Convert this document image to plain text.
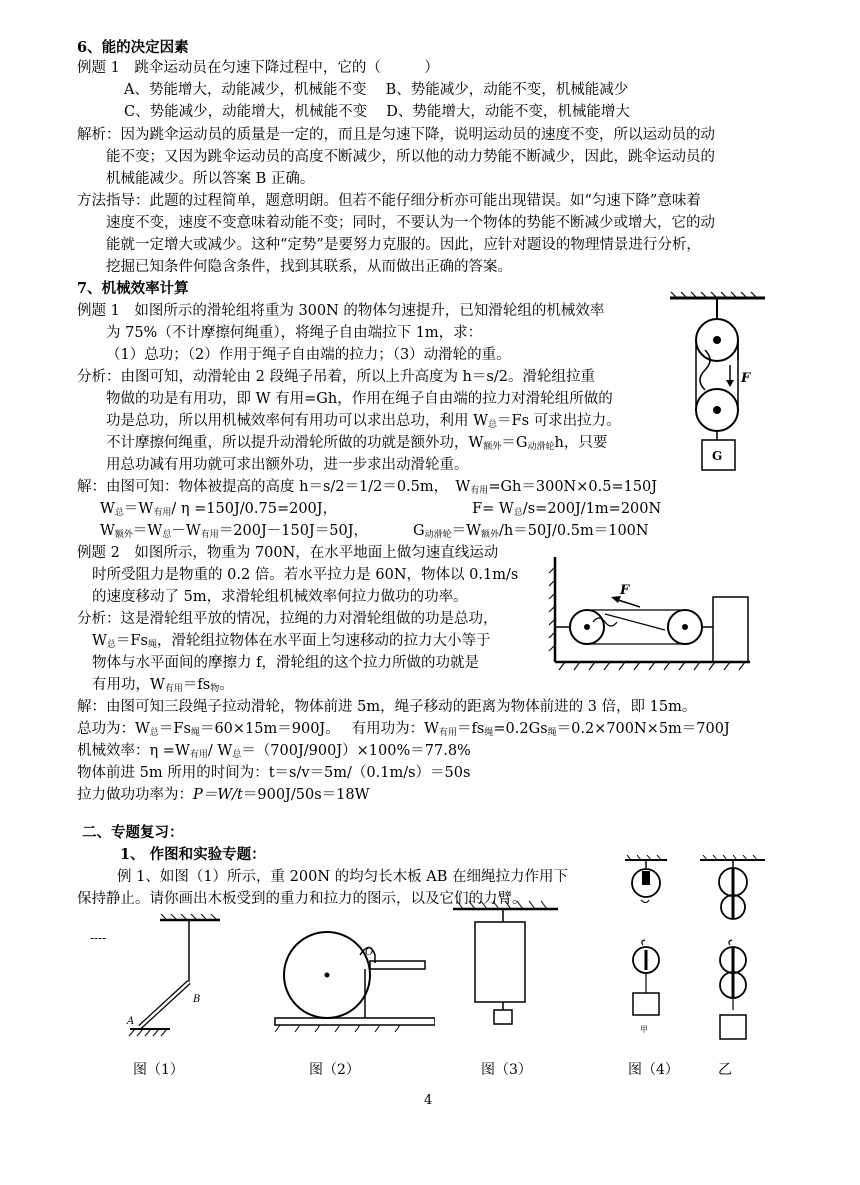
6、能的决定因素
例题 1　跳伞运动员在匀速下降过程中，它的（　　　）
A、势能增大，动能减少，机械能不变　 B、势能减少，动能不变，机械能减少
C、势能减少，动能增大，机械能不变　 D、势能增大，动能不变，机械能增大
解析：因为跳伞运动员的质量是一定的，而且是匀速下降，说明运动员的速度不变，所以运动员的动
能不变；又因为跳伞运动员的高度不断减少，所以他的动力势能不断减少，因此，跳伞运动员的
机械能减少。所以答案 B 正确。
方法指导：此题的过程简单，题意明朗。但若不能仔细分析亦可能出现错误。如“匀速下降”意味着
速度不变，速度不变意味着动能不变；同时，不要认为一个物体的势能不断减少或增大，它的动
能就一定增大或减少。这种“定势”是要努力克服的。因此，应针对题设的物理情景进行分析，
挖掘已知条件何隐含条件，找到其联系，从而做出正确的答案。
7、机械效率计算
例题 1　如图所示的滑轮组将重为 300N 的物体匀速提升，已知滑轮组的机械效率
为 75%（不计摩擦何绳重），将绳子自由端拉下 1m，求：
（1）总功；（2）作用于绳子自由端的拉力；（3）动滑轮的重。
分析：由图可知，动滑轮由 2 段绳子吊着，所以上升高度为 h＝s/2。滑轮组拉重
物做的功是有用功，即 W 有用=Gh，作用在绳子自由端的拉力对滑轮组所做的
功是总功，所以用机械效率何有用功可以求出总功，利用 $W_总=Fs$ 可求出拉力。
不计摩擦何绳重，所以提升动滑轮所做的功就是额外功，$W_{额外}=G_{动滑轮}h$，只要
用总功减有用功就可求出额外功，进一步求出动滑轮重。
解：由图可知：物体被提高的高度 h＝s/2＝1/2＝0.5m，　$W_{有用}=Gh=300N\times 0.5=150J$
$W_总=W_{有用}/$ η =150J/0.75=200J，	$F= W_总/s=200J/1m=200N$
$W_{额外}=W_总-W_{有用}=200J-150J=50J$，	$G_{动滑轮}=W_{额外}/h=50J/0.5m=100N$
例题 2　如图所示，物重为 700N，在水平地面上做匀速直线运动
时所受阻力是物重的 0.2 倍。若水平拉力是 60N，物体以 0.1m/s
的速度移动了 5m，求滑轮组机械效率何拉力做功的功率。
分析：这是滑轮组平放的情况，拉绳的力对滑轮组做的功是总功，
$W_总=Fs_绳$，滑轮组拉物体在水平面上匀速移动的拉力大小等于
物体与水平面间的摩擦力 f，滑轮组的这个拉力所做的功就是
有用功，$W_{有用}=fs_物$。
解：由图可知三段绳子拉动滑轮，物体前进 5m，绳子移动的距离为物体前进的 3 倍，即 15m。
总功为：$W_总=Fs_绳=60\times 15m=900J$。　 有用功为：$W_{有用}=fs_绳=0.2Gs_绳=0.2\times 700N\times 5m=700J$
机械效率：$\eta =W_{有用}/$ $W_总=(700J/900J)\times 100\%=77.8\%$
物体前进 5m 所用的时间为：t＝s/v＝5m/（0.1m/s）＝50s
拉力做功功率为：P＝W/t＝900J/50s＝18W
二、专题复习：
1、 作图和实验专题：
例 1、如图（1）所示，重 200N 的均匀长木板 AB 在细绳拉力作用下
保持静止。请你画出木板受到的重力和拉力的图示，以及它们的力臂。
F
G
F
----
B
A
O
甲
图（1）	图（2）	图（3）	图（4）	乙
4
